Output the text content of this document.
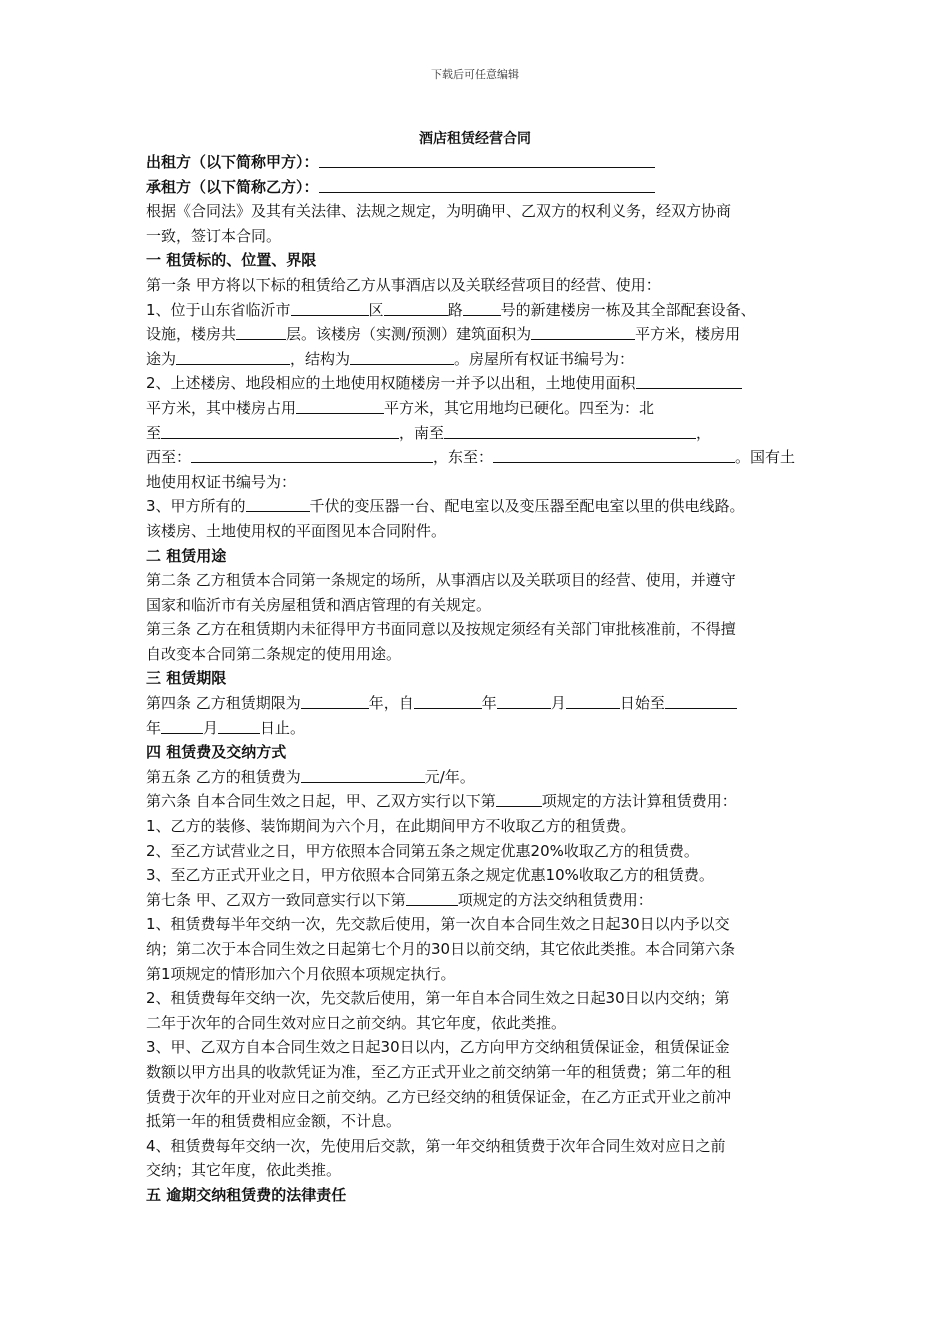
下载后可任意编辑
酒店租赁经营合同
出租方（以下简称甲方）：
承租方（以下简称乙方）：
根据《合同法》及其有关法律、法规之规定，为明确甲、乙双方的权利义务，经双方协商
一致，签订本合同。
一 租赁标的、位置、界限
第一条 甲方将以下标的租赁给乙方从事酒店以及关联经营项目的经营、使用：
1、位于山东省临沂市	区	路	号的新建楼房一栋及其全部配套设备、
设施，楼房共	层。该楼房（实测/预测）建筑面积为	平方米，楼房用
途为	，结构为	。房屋所有权证书编号为：
2、上述楼房、地段相应的土地使用权随楼房一并予以出租，土地使用面积
平方米，其中楼房占用	平方米，其它用地均已硬化。四至为：北
至	，南至	，
西至：	，东至：	。国有土
地使用权证书编号为：
3、甲方所有的	千伏的变压器一台、配电室以及变压器至配电室以里的供电线路。
该楼房、土地使用权的平面图见本合同附件。
二 租赁用途
第二条 乙方租赁本合同第一条规定的场所，从事酒店以及关联项目的经营、使用，并遵守
国家和临沂市有关房屋租赁和酒店管理的有关规定。
第三条 乙方在租赁期内未征得甲方书面同意以及按规定须经有关部门审批核准前，不得擅
自改变本合同第二条规定的使用用途。
三 租赁期限
第四条 乙方租赁期限为	年，自	年	月	日始至
年	月	日止。
四 租赁费及交纳方式
第五条 乙方的租赁费为	元/年。
第六条 自本合同生效之日起，甲、乙双方实行以下第	项规定的方法计算租赁费用：
1、乙方的装修、装饰期间为六个月，在此期间甲方不收取乙方的租赁费。
2、至乙方试营业之日，甲方依照本合同第五条之规定优惠20%收取乙方的租赁费。
3、至乙方正式开业之日，甲方依照本合同第五条之规定优惠10%收取乙方的租赁费。
第七条 甲、乙双方一致同意实行以下第	项规定的方法交纳租赁费用：
1、租赁费每半年交纳一次，先交款后使用，第一次自本合同生效之日起30日以内予以交
纳；第二次于本合同生效之日起第七个月的30日以前交纳，其它依此类推。本合同第六条
第1项规定的情形加六个月依照本项规定执行。
2、租赁费每年交纳一次，先交款后使用，第一年自本合同生效之日起30日以内交纳；第
二年于次年的合同生效对应日之前交纳。其它年度，依此类推。
3、甲、乙双方自本合同生效之日起30日以内，乙方向甲方交纳租赁保证金，租赁保证金
数额以甲方出具的收款凭证为准，至乙方正式开业之前交纳第一年的租赁费；第二年的租
赁费于次年的开业对应日之前交纳。乙方已经交纳的租赁保证金，在乙方正式开业之前冲
抵第一年的租赁费相应金额，不计息。
4、租赁费每年交纳一次，先使用后交款，第一年交纳租赁费于次年合同生效对应日之前
交纳；其它年度，依此类推。
五 逾期交纳租赁费的法律责任
